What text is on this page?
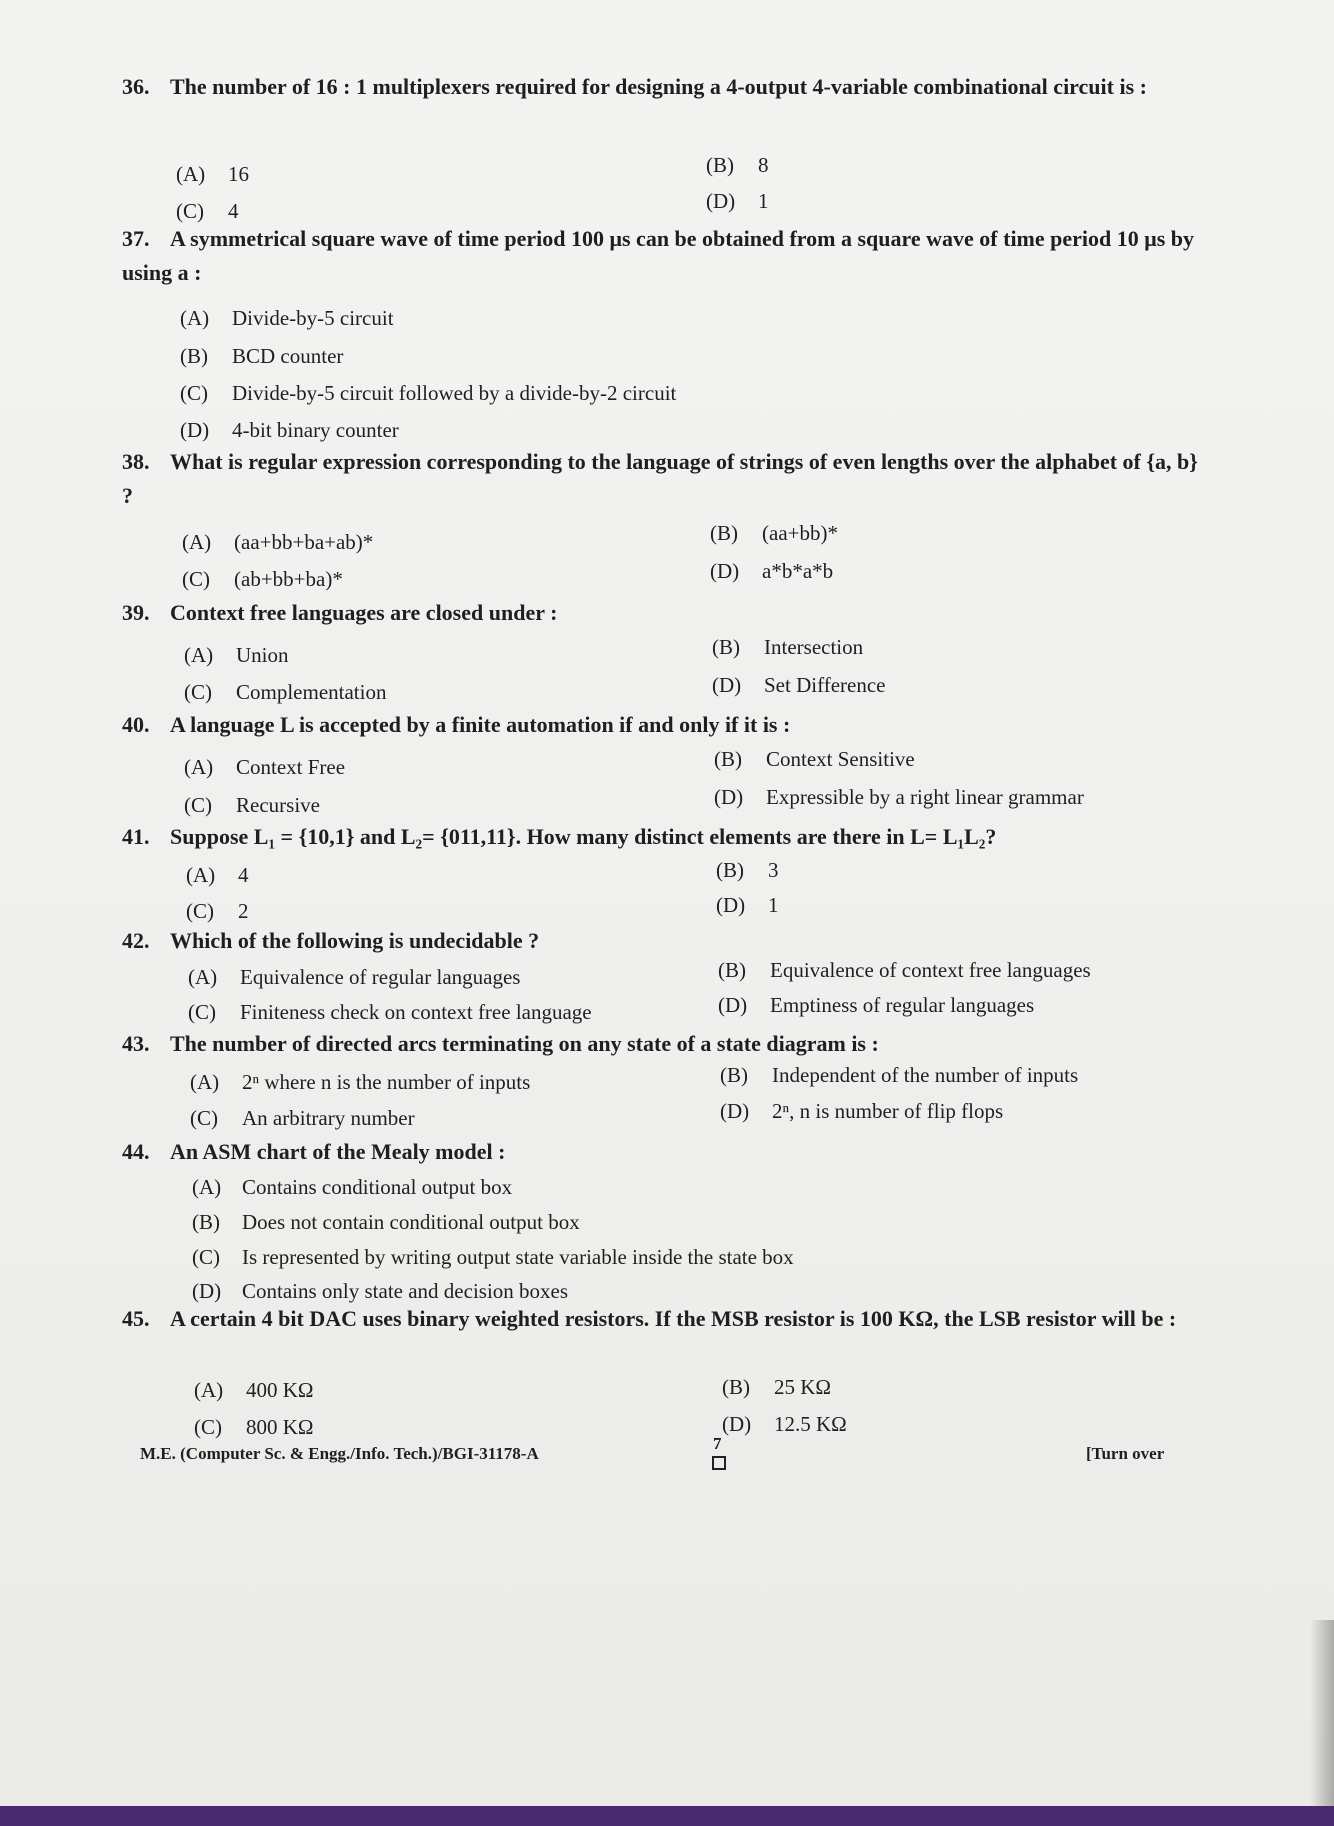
36. The number of 16 : 1 multiplexers required for designing a 4-output 4-variable combinational circuit is :
(A) 16	(B) 8
(C) 4	(D) 1
37. A symmetrical square wave of time period 100 μs can be obtained from a square wave of time period 10 μs by using a :
(A) Divide-by-5 circuit
(B) BCD counter
(C) Divide-by-5 circuit followed by a divide-by-2 circuit
(D) 4-bit binary counter
38. What is regular expression corresponding to the language of strings of even lengths over the alphabet of {a, b} ?
(A) (aa+bb+ba+ab)*	(B) (aa+bb)*
(C) (ab+bb+ba)*	(D) a*b*a*b
39. Context free languages are closed under :
(A) Union	(B) Intersection
(C) Complementation	(D) Set Difference
40. A language L is accepted by a finite automation if and only if it is :
(A) Context Free	(B) Context Sensitive
(C) Recursive	(D) Expressible by a right linear grammar
41. Suppose L₁ = {10,1} and L₂= {011,11}. How many distinct elements are there in L= L₁L₂?
(A) 4	(B) 3
(C) 2	(D) 1
42. Which of the following is undecidable ?
(A) Equivalence of regular languages	(B) Equivalence of context free languages
(C) Finiteness check on context free language	(D) Emptiness of regular languages
43. The number of directed arcs terminating on any state of a state diagram is :
(A) 2ⁿ where n is the number of inputs	(B) Independent of the number of inputs
(C) An arbitrary number	(D) 2ⁿ, n is number of flip flops
44. An ASM chart of the Mealy model :
(A) Contains conditional output box
(B) Does not contain conditional output box
(C) Is represented by writing output state variable inside the state box
(D) Contains only state and decision boxes
45. A certain 4 bit DAC uses binary weighted resistors. If the MSB resistor is 100 KΩ, the LSB resistor will be :
(A) 400 KΩ	(B) 25 KΩ
(C) 800 KΩ	(D) 12.5 KΩ
M.E. (Computer Sc. & Engg./Info. Tech.)/BGI-31178-A
7
[Turn over
